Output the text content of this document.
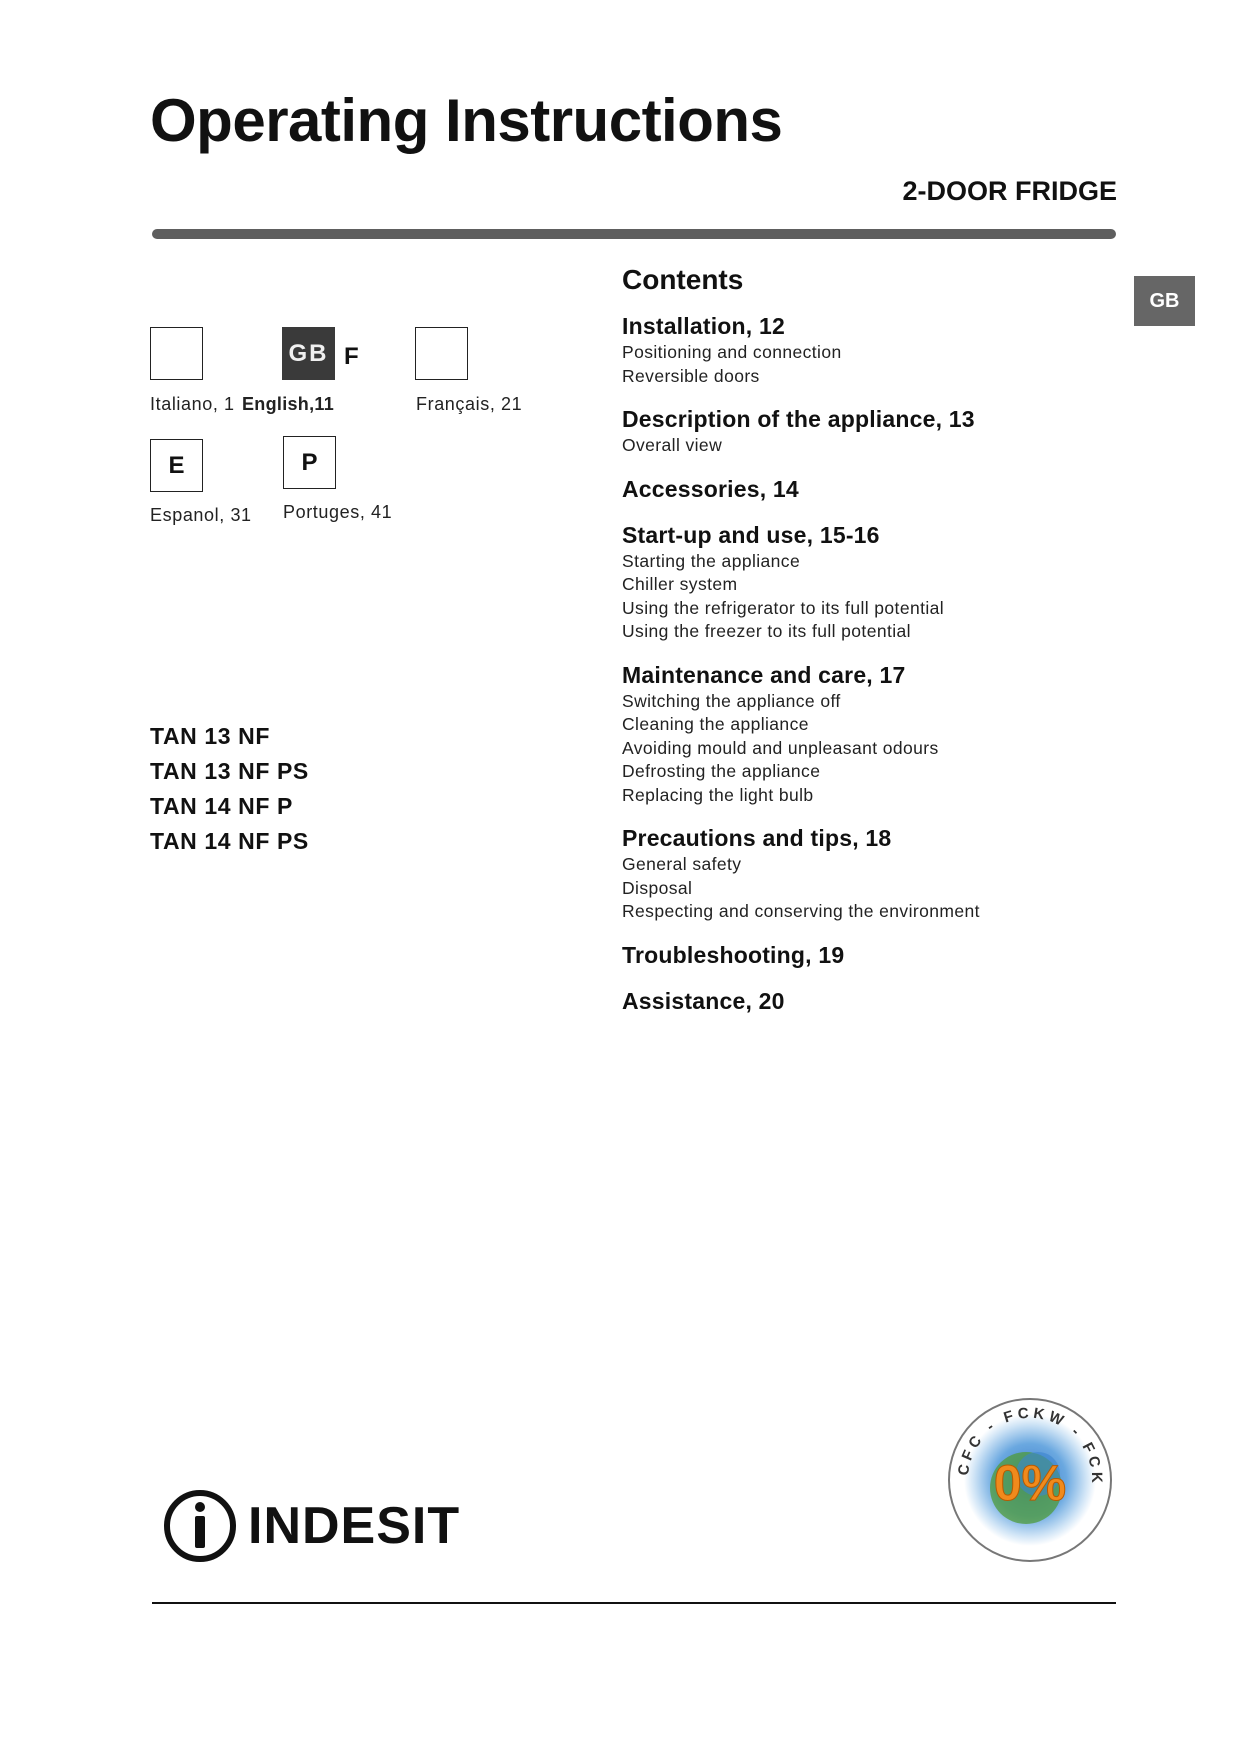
Operating Instructions
2-DOOR FRIDGE
GB
Italiano, 1
GB F
English,11	Français, 21
E
Espanol, 31
P
Portuges, 41
TAN 13 NF
TAN 13 NF PS
TAN 14 NF P
TAN 14 NF PS
Contents
Installation, 12
Positioning and connection
Reversible doors
Description of the appliance, 13
Overall view
Accessories, 14
Start-up and use, 15-16
Starting the appliance
Chiller system
Using the refrigerator to its full potential
Using the freezer to its full potential
Maintenance and care, 17
Switching the appliance off
Cleaning the appliance
Avoiding mould and unpleasant odours
Defrosting the appliance
Replacing the light bulb
Precautions and tips, 18
General safety
Disposal
Respecting and conserving the environment
Troubleshooting, 19
Assistance, 20
INDESIT
CFC - FCKW - FCK
0%
